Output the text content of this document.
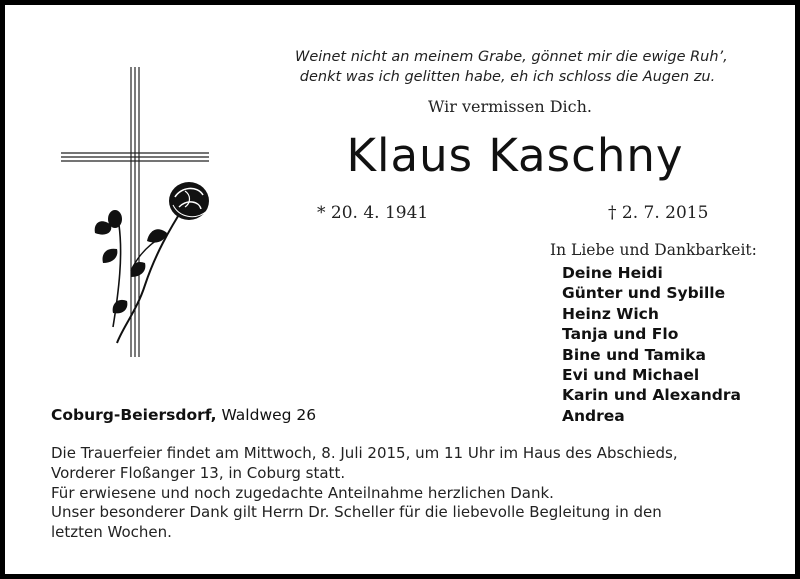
Weinet nicht an meinem Grabe, gönnet mir die ewige Ruh’,
denkt was ich gelitten habe, eh ich schloss die Augen zu.
Wir vermissen Dich.
Klaus Kaschny
* 20. 4. 1941	† 2. 7. 2015
In Liebe und Dankbarkeit:
Deine Heidi
Günter und Sybille
Heinz Wich
Tanja und Flo
Bine und Tamika
Evi und Michael
Karin und Alexandra
Andrea
Coburg-Beiersdorf, Waldweg 26
Die Trauerfeier findet am Mittwoch, 8. Juli 2015, um 11 Uhr im Haus des Abschieds,
Vorderer Floßanger 13, in Coburg statt.
Für erwiesene und noch zugedachte Anteilnahme herzlichen Dank.
Unser besonderer Dank gilt Herrn Dr. Scheller für die liebevolle Begleitung in den
letzten Wochen.
